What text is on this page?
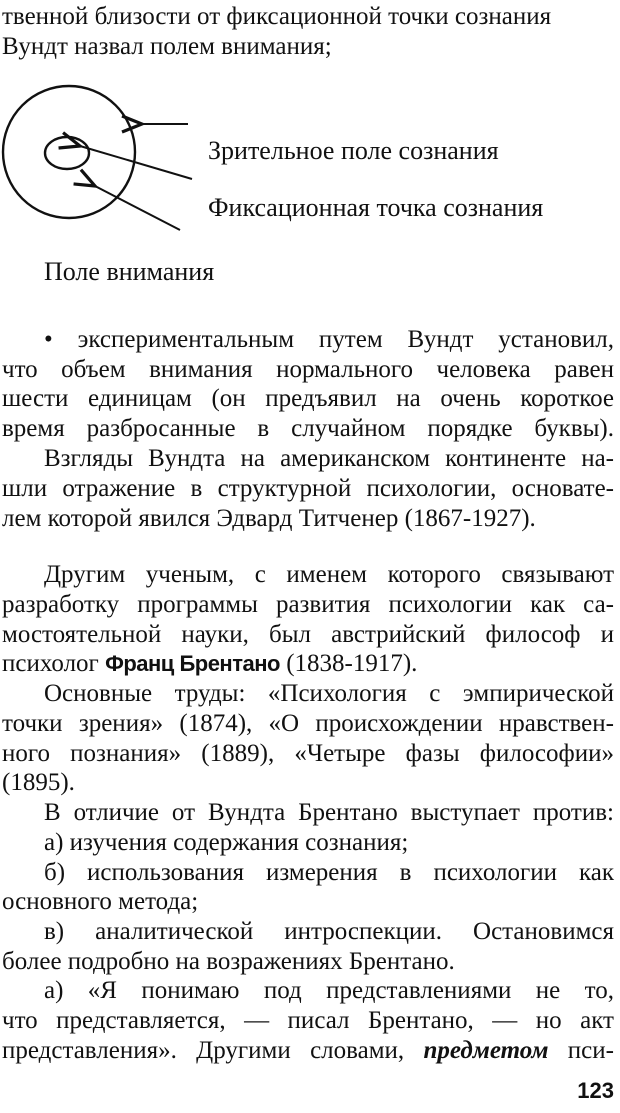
твенной близости от фиксационной точки сознания

Вундт назвал полем внимания;

Зрительное поле сознания

Фиксационная точка сознания

Поле внимания

• экспериментальным путем Вундт установил,

что объем внимания нормального человека равен

шести единицам (он предъявил на очень короткое

время разбросанные в случайном порядке буквы).

Взгляды Вундта на американском континенте на-

шли отражение в структурной психологии, основате-

лем которой явился Эдвард Титченер (1867-1927).

Другим ученым, с именем которого связывают

разработку программы развития психологии как са-

мостоятельной науки, был австрийский философ и

психолог Франц Брентано (1838-1917).

Основные труды: «Психология с эмпирической

точки зрения» (1874), «О происхождении нравствен-

ного познания» (1889), «Четыре фазы философии»

(1895).

В отличие от Вундта Брентано выступает против:

а) изучения содержания сознания;

б) использования измерения в психологии как

основного метода;

в) аналитической интроспекции. Остановимся

более подробно на возражениях Брентано.

а) «Я понимаю под представлениями не то,

что представляется, — писал Брентано, — но акт

представления». Другими словами, предметом пси-

123
